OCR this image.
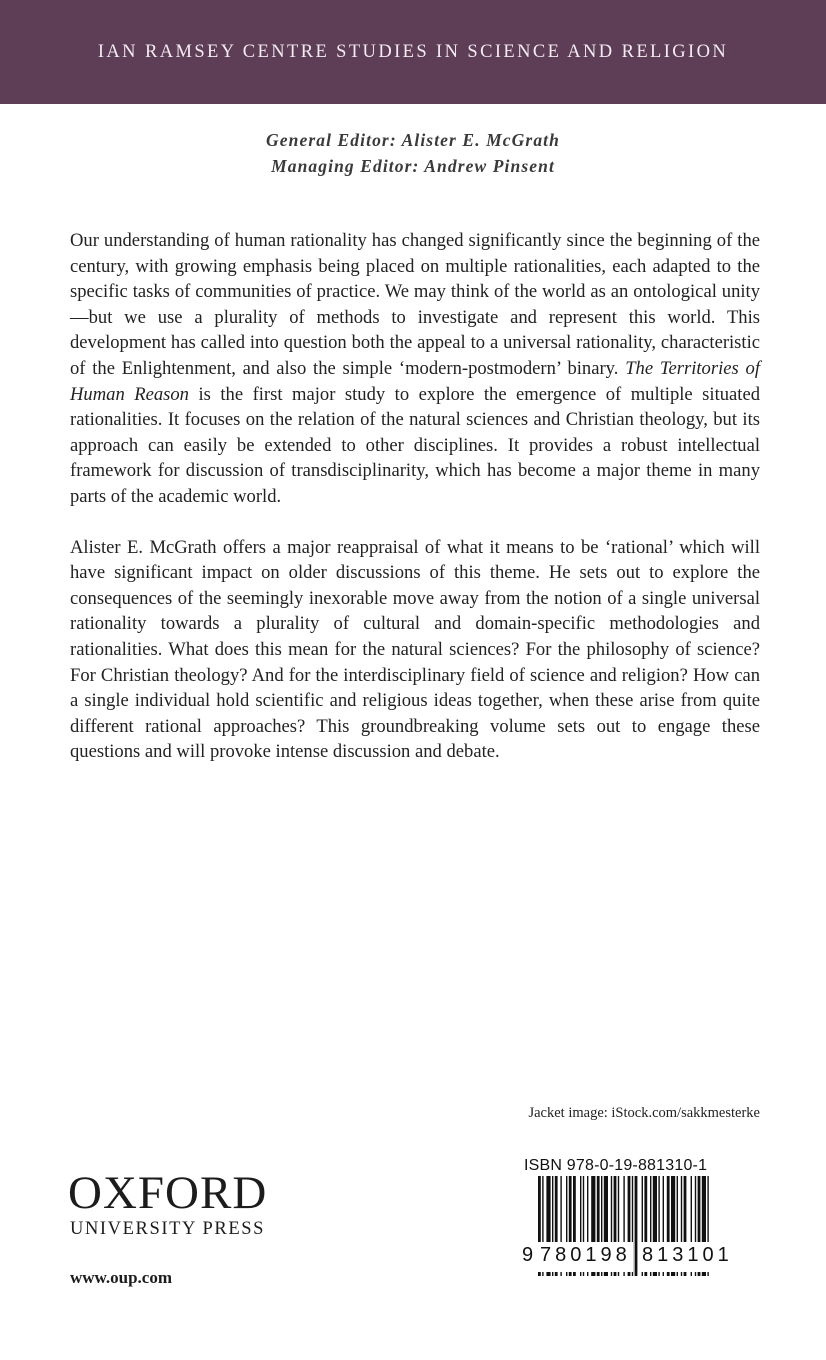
IAN RAMSEY CENTRE STUDIES IN SCIENCE AND RELIGION
General Editor: Alister E. McGrath
Managing Editor: Andrew Pinsent

Our understanding of human rationality has changed significantly since the beginning of the century, with growing emphasis being placed on multiple rationalities, each adapted to the specific tasks of communities of practice. We may think of the world as an ontological unity—but we use a plurality of methods to investigate and represent this world. This development has called into question both the appeal to a universal rationality, characteristic of the Enlightenment, and also the simple ‘modern-postmodern’ binary. The Territories of Human Reason is the first major study to explore the emergence of multiple situated rationalities. It focuses on the relation of the natural sciences and Christian theology, but its approach can easily be extended to other disciplines. It provides a robust intellectual framework for discussion of transdisciplinarity, which has become a major theme in many parts of the academic world.

Alister E. McGrath offers a major reappraisal of what it means to be ‘rational’ which will have significant impact on older discussions of this theme. He sets out to explore the consequences of the seemingly inexorable move away from the notion of a single universal rationality towards a plurality of cultural and domain-specific methodologies and rationalities. What does this mean for the natural sciences? For the philosophy of science? For Christian theology? And for the interdisciplinary field of science and religion? How can a single individual hold scientific and religious ideas together, when these arise from quite different rational approaches? This groundbreaking volume sets out to engage these questions and will provoke intense discussion and debate.

Jacket image: iStock.com/sakkmesterke
OXFORD
UNIVERSITY PRESS
www.oup.com
ISBN 978-0-19-881310-1
9 780198 813101
